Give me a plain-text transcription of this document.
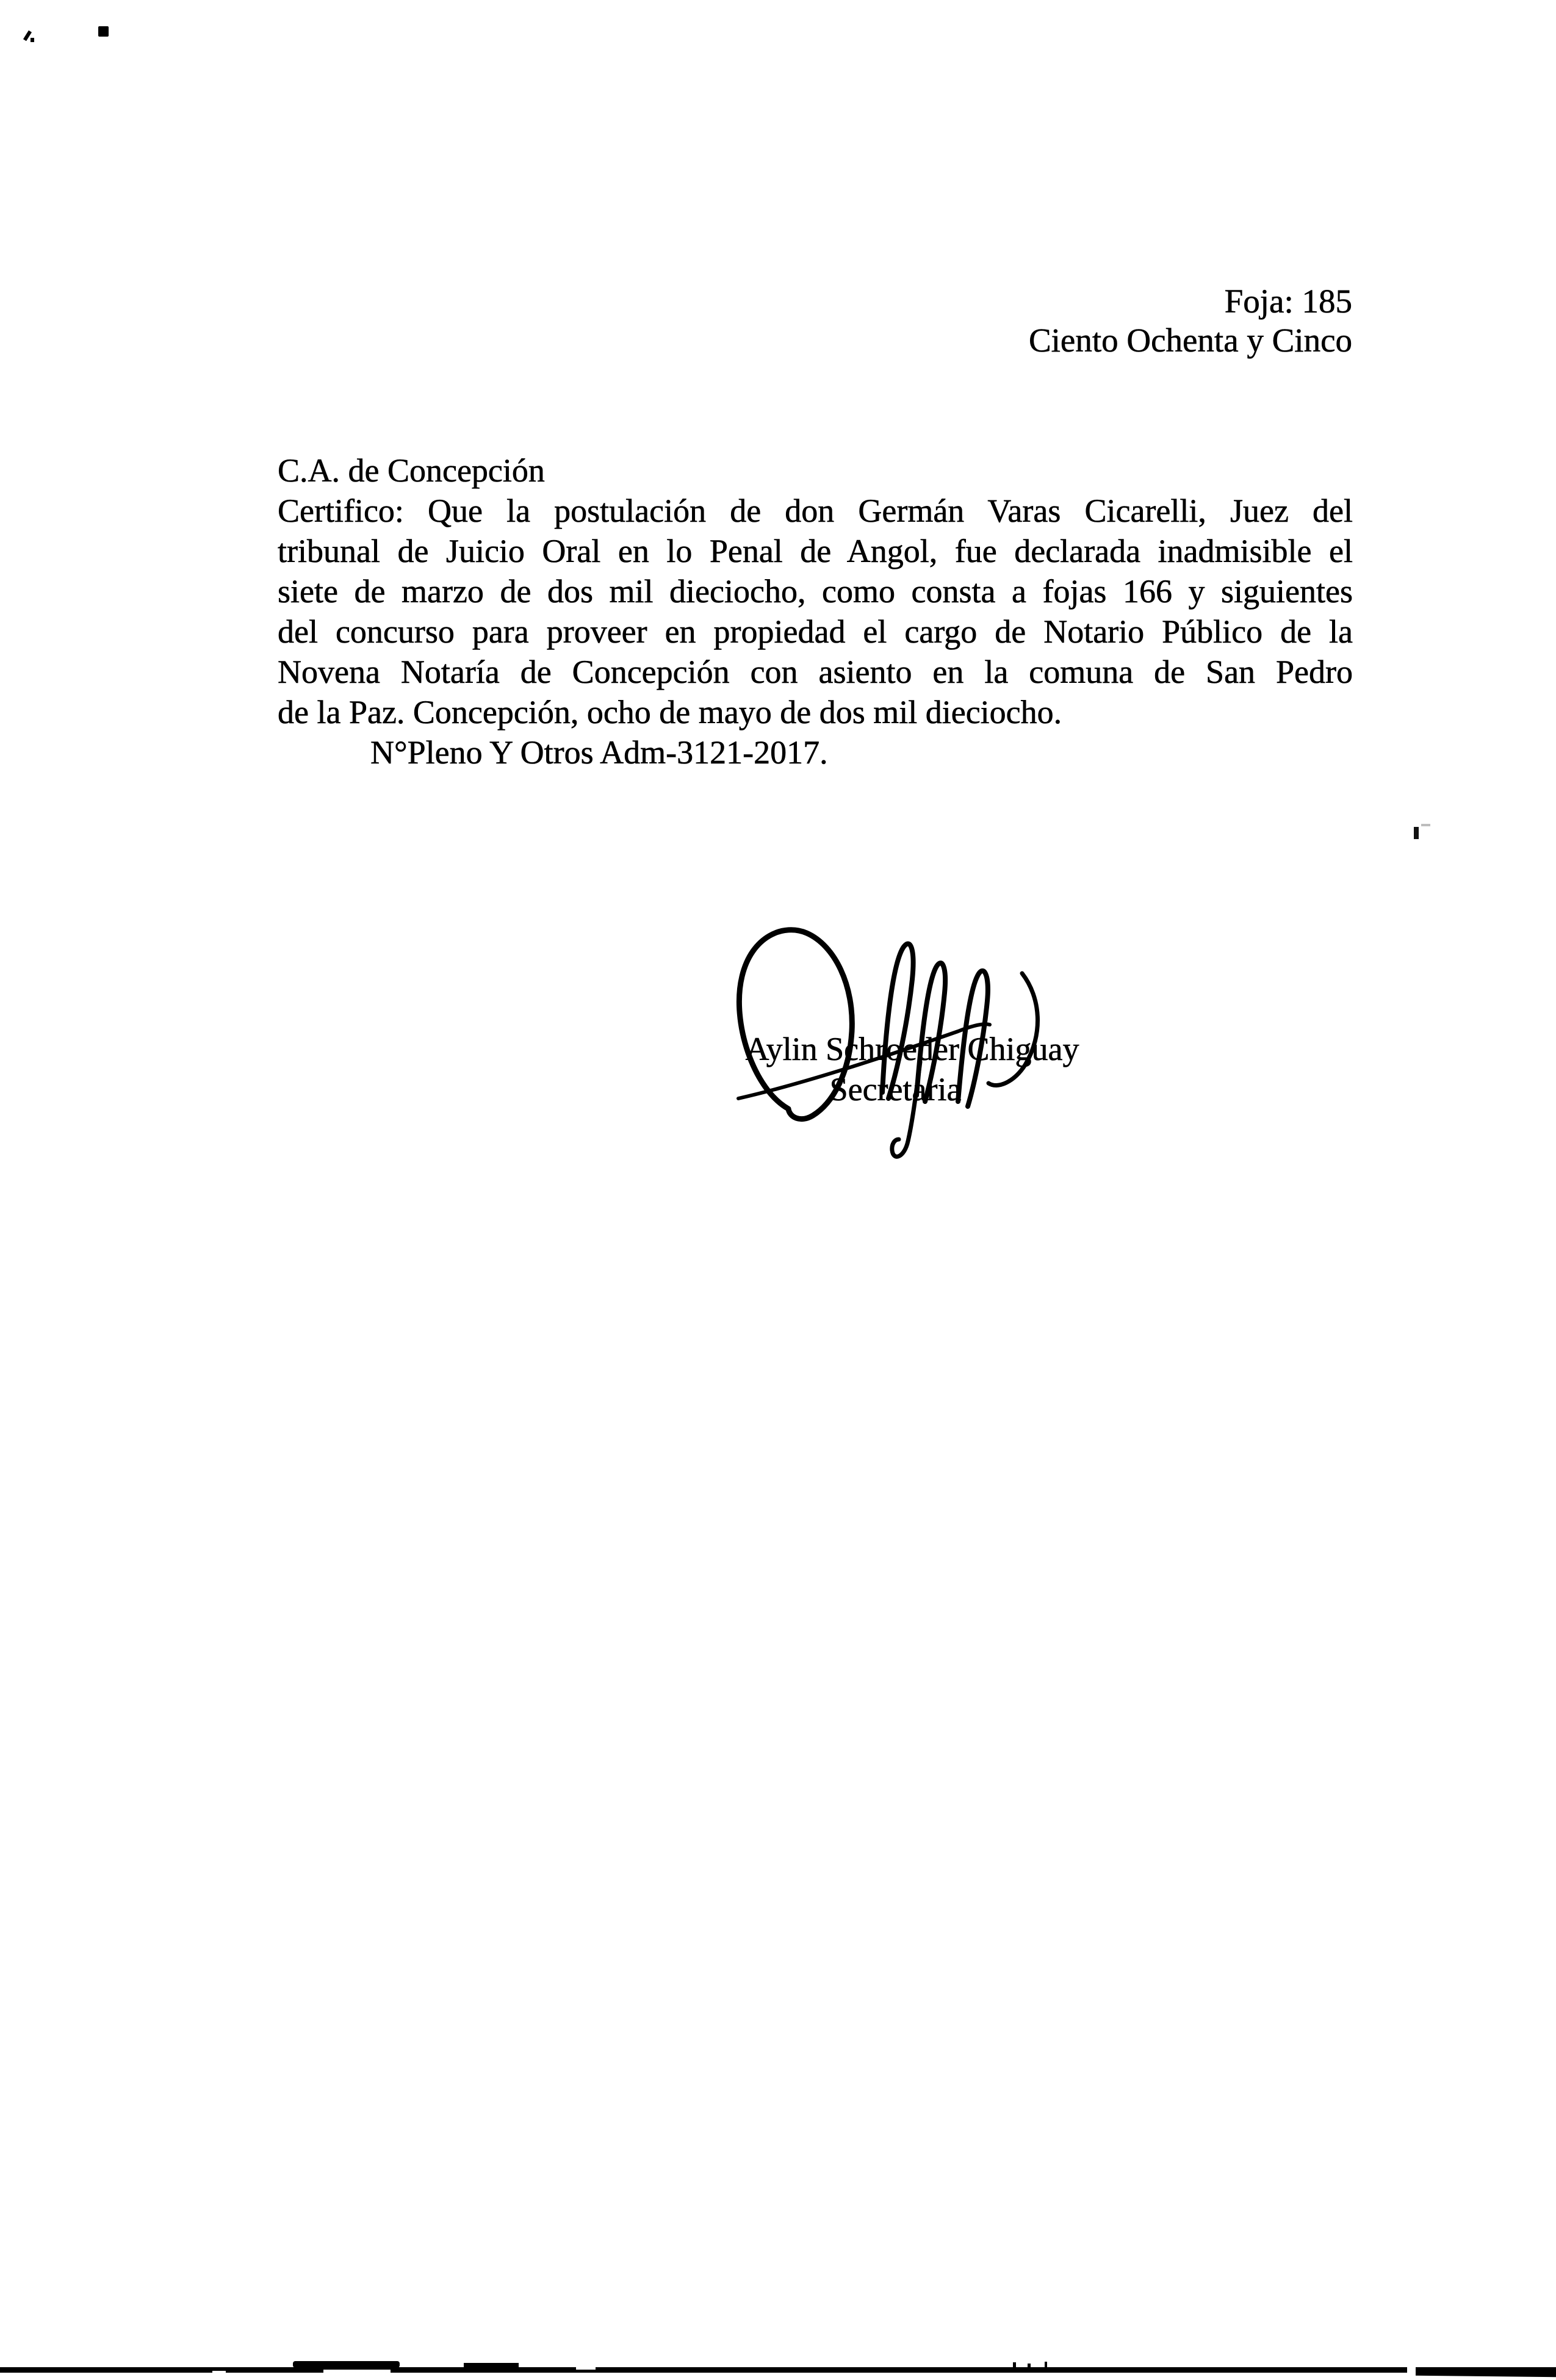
Foja: 185
Ciento Ochenta y Cinco
C.A. de Concepción
Certifico: Que la postulación de don Germán Varas Cicarelli, Juez del
tribunal de Juicio Oral en lo Penal de Angol, fue declarada inadmisible el
siete de marzo de dos mil dieciocho, como consta a fojas 166 y siguientes
del concurso para proveer en propiedad el cargo de Notario Público de la
Novena Notaría de Concepción con asiento en la comuna de San Pedro
de la Paz. Concepción, ocho de mayo de dos mil dieciocho.
N°Pleno Y Otros Adm-3121-2017.
Aylin Schroeder Chiguay
Secretaria
